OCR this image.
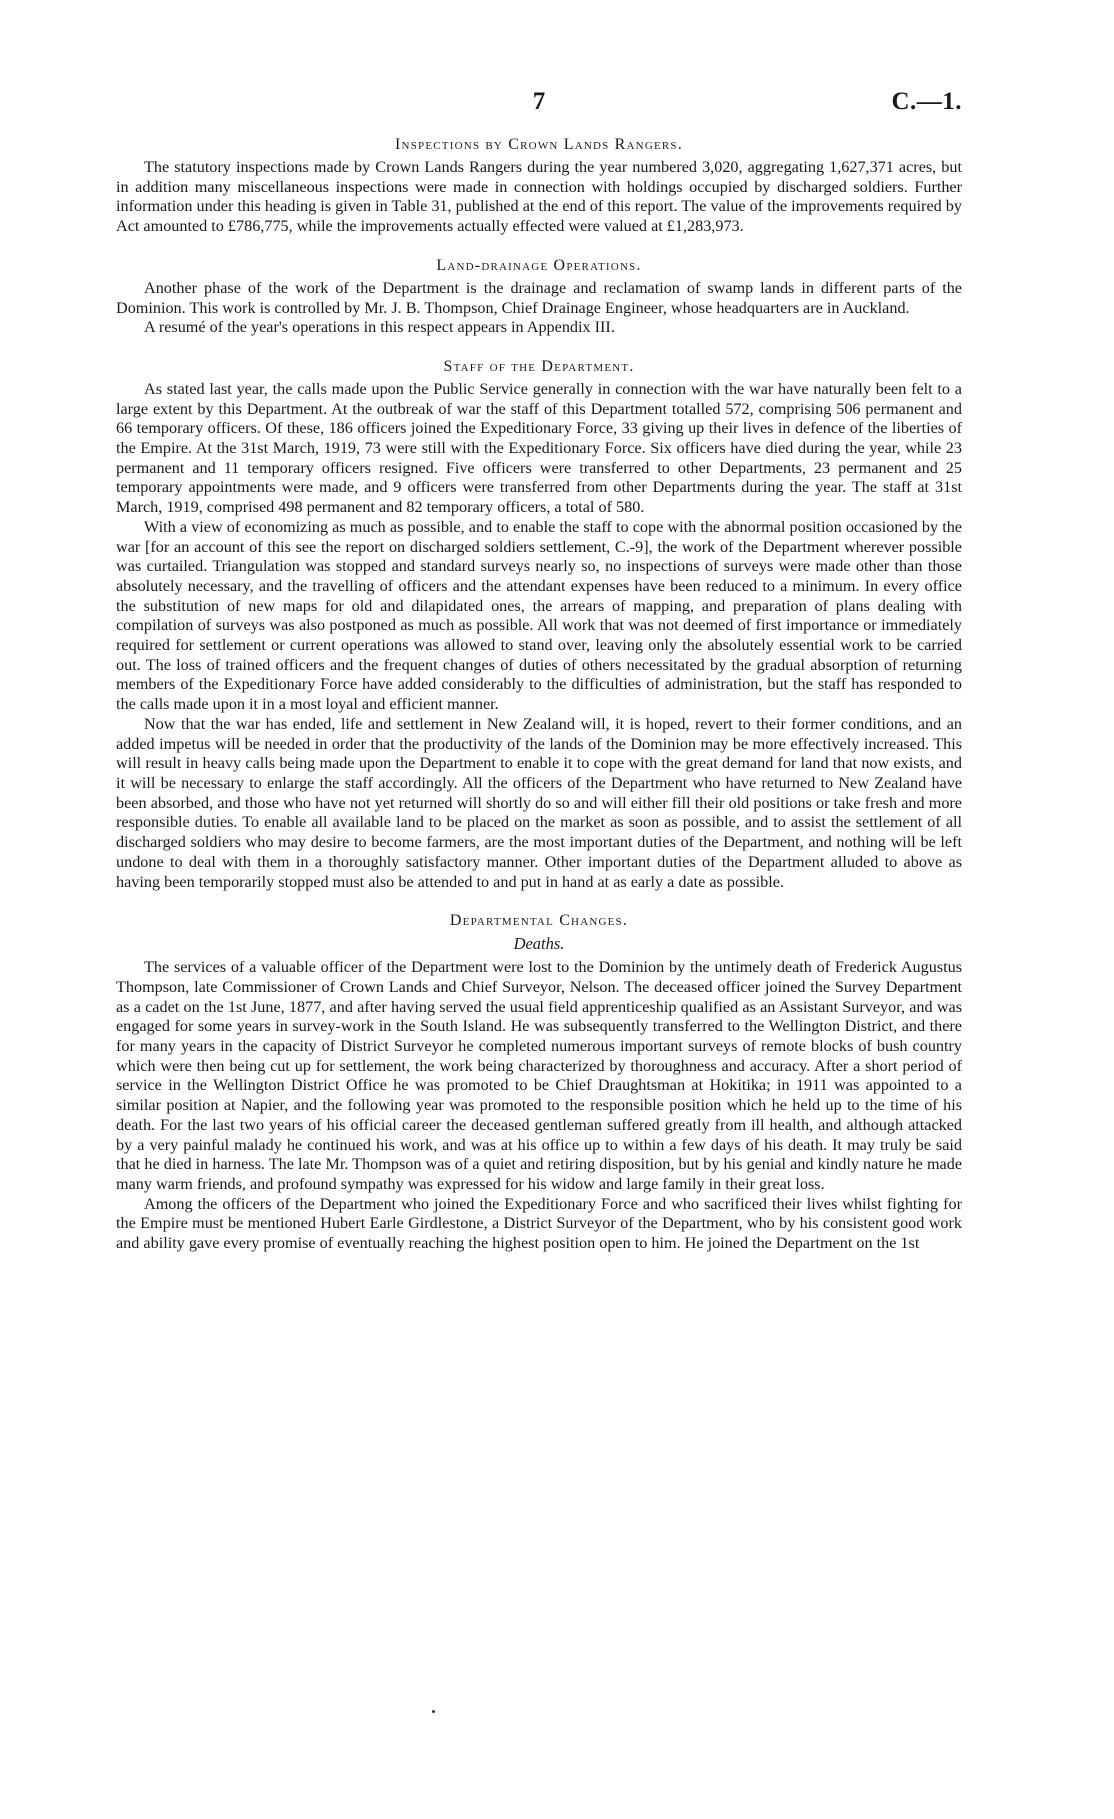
7	C.—1.
Inspections by Crown Lands Rangers.

The statutory inspections made by Crown Lands Rangers during the year numbered 3,020, aggregating 1,627,371 acres, but in addition many miscellaneous inspections were made in connection with holdings occupied by discharged soldiers. Further information under this heading is given in Table 31, published at the end of this report. The value of the improvements required by Act amounted to £786,775, while the improvements actually effected were valued at £1,283,973.

Land-drainage Operations.

Another phase of the work of the Department is the drainage and reclamation of swamp lands in different parts of the Dominion. This work is controlled by Mr. J. B. Thompson, Chief Drainage Engineer, whose headquarters are in Auckland.

A resumé of the year's operations in this respect appears in Appendix III.

Staff of the Department.

As stated last year, the calls made upon the Public Service generally in connection with the war have naturally been felt to a large extent by this Department. At the outbreak of war the staff of this Department totalled 572, comprising 506 permanent and 66 temporary officers. Of these, 186 officers joined the Expeditionary Force, 33 giving up their lives in defence of the liberties of the Empire. At the 31st March, 1919, 73 were still with the Expeditionary Force. Six officers have died during the year, while 23 permanent and 11 temporary officers resigned. Five officers were transferred to other Departments, 23 permanent and 25 temporary appointments were made, and 9 officers were transferred from other Departments during the year. The staff at 31st March, 1919, comprised 498 permanent and 82 temporary officers, a total of 580.

With a view of economizing as much as possible, and to enable the staff to cope with the abnormal position occasioned by the war [for an account of this see the report on discharged soldiers settlement, C.-9], the work of the Department wherever possible was curtailed. Triangulation was stopped and standard surveys nearly so, no inspections of surveys were made other than those absolutely necessary, and the travelling of officers and the attendant expenses have been reduced to a minimum. In every office the substitution of new maps for old and dilapidated ones, the arrears of mapping, and preparation of plans dealing with compilation of surveys was also postponed as much as possible. All work that was not deemed of first importance or immediately required for settlement or current operations was allowed to stand over, leaving only the absolutely essential work to be carried out. The loss of trained officers and the frequent changes of duties of others necessitated by the gradual absorption of returning members of the Expeditionary Force have added considerably to the difficulties of administration, but the staff has responded to the calls made upon it in a most loyal and efficient manner.

Now that the war has ended, life and settlement in New Zealand will, it is hoped, revert to their former conditions, and an added impetus will be needed in order that the productivity of the lands of the Dominion may be more effectively increased. This will result in heavy calls being made upon the Department to enable it to cope with the great demand for land that now exists, and it will be necessary to enlarge the staff accordingly. All the officers of the Department who have returned to New Zealand have been absorbed, and those who have not yet returned will shortly do so and will either fill their old positions or take fresh and more responsible duties. To enable all available land to be placed on the market as soon as possible, and to assist the settlement of all discharged soldiers who may desire to become farmers, are the most important duties of the Department, and nothing will be left undone to deal with them in a thoroughly satisfactory manner. Other important duties of the Department alluded to above as having been temporarily stopped must also be attended to and put in hand at as early a date as possible.

Departmental Changes.
Deaths.

The services of a valuable officer of the Department were lost to the Dominion by the untimely death of Frederick Augustus Thompson, late Commissioner of Crown Lands and Chief Surveyor, Nelson. The deceased officer joined the Survey Department as a cadet on the 1st June, 1877, and after having served the usual field apprenticeship qualified as an Assistant Surveyor, and was engaged for some years in survey-work in the South Island. He was subsequently transferred to the Wellington District, and there for many years in the capacity of District Surveyor he completed numerous important surveys of remote blocks of bush country which were then being cut up for settlement, the work being characterized by thoroughness and accuracy. After a short period of service in the Wellington District Office he was promoted to be Chief Draughtsman at Hokitika; in 1911 was appointed to a similar position at Napier, and the following year was promoted to the responsible position which he held up to the time of his death. For the last two years of his official career the deceased gentleman suffered greatly from ill health, and although attacked by a very painful malady he continued his work, and was at his office up to within a few days of his death. It may truly be said that he died in harness. The late Mr. Thompson was of a quiet and retiring disposition, but by his genial and kindly nature he made many warm friends, and profound sympathy was expressed for his widow and large family in their great loss.

Among the officers of the Department who joined the Expeditionary Force and who sacrificed their lives whilst fighting for the Empire must be mentioned Hubert Earle Girdlestone, a District Surveyor of the Department, who by his consistent good work and ability gave every promise of eventually reaching the highest position open to him. He joined the Department on the 1st
